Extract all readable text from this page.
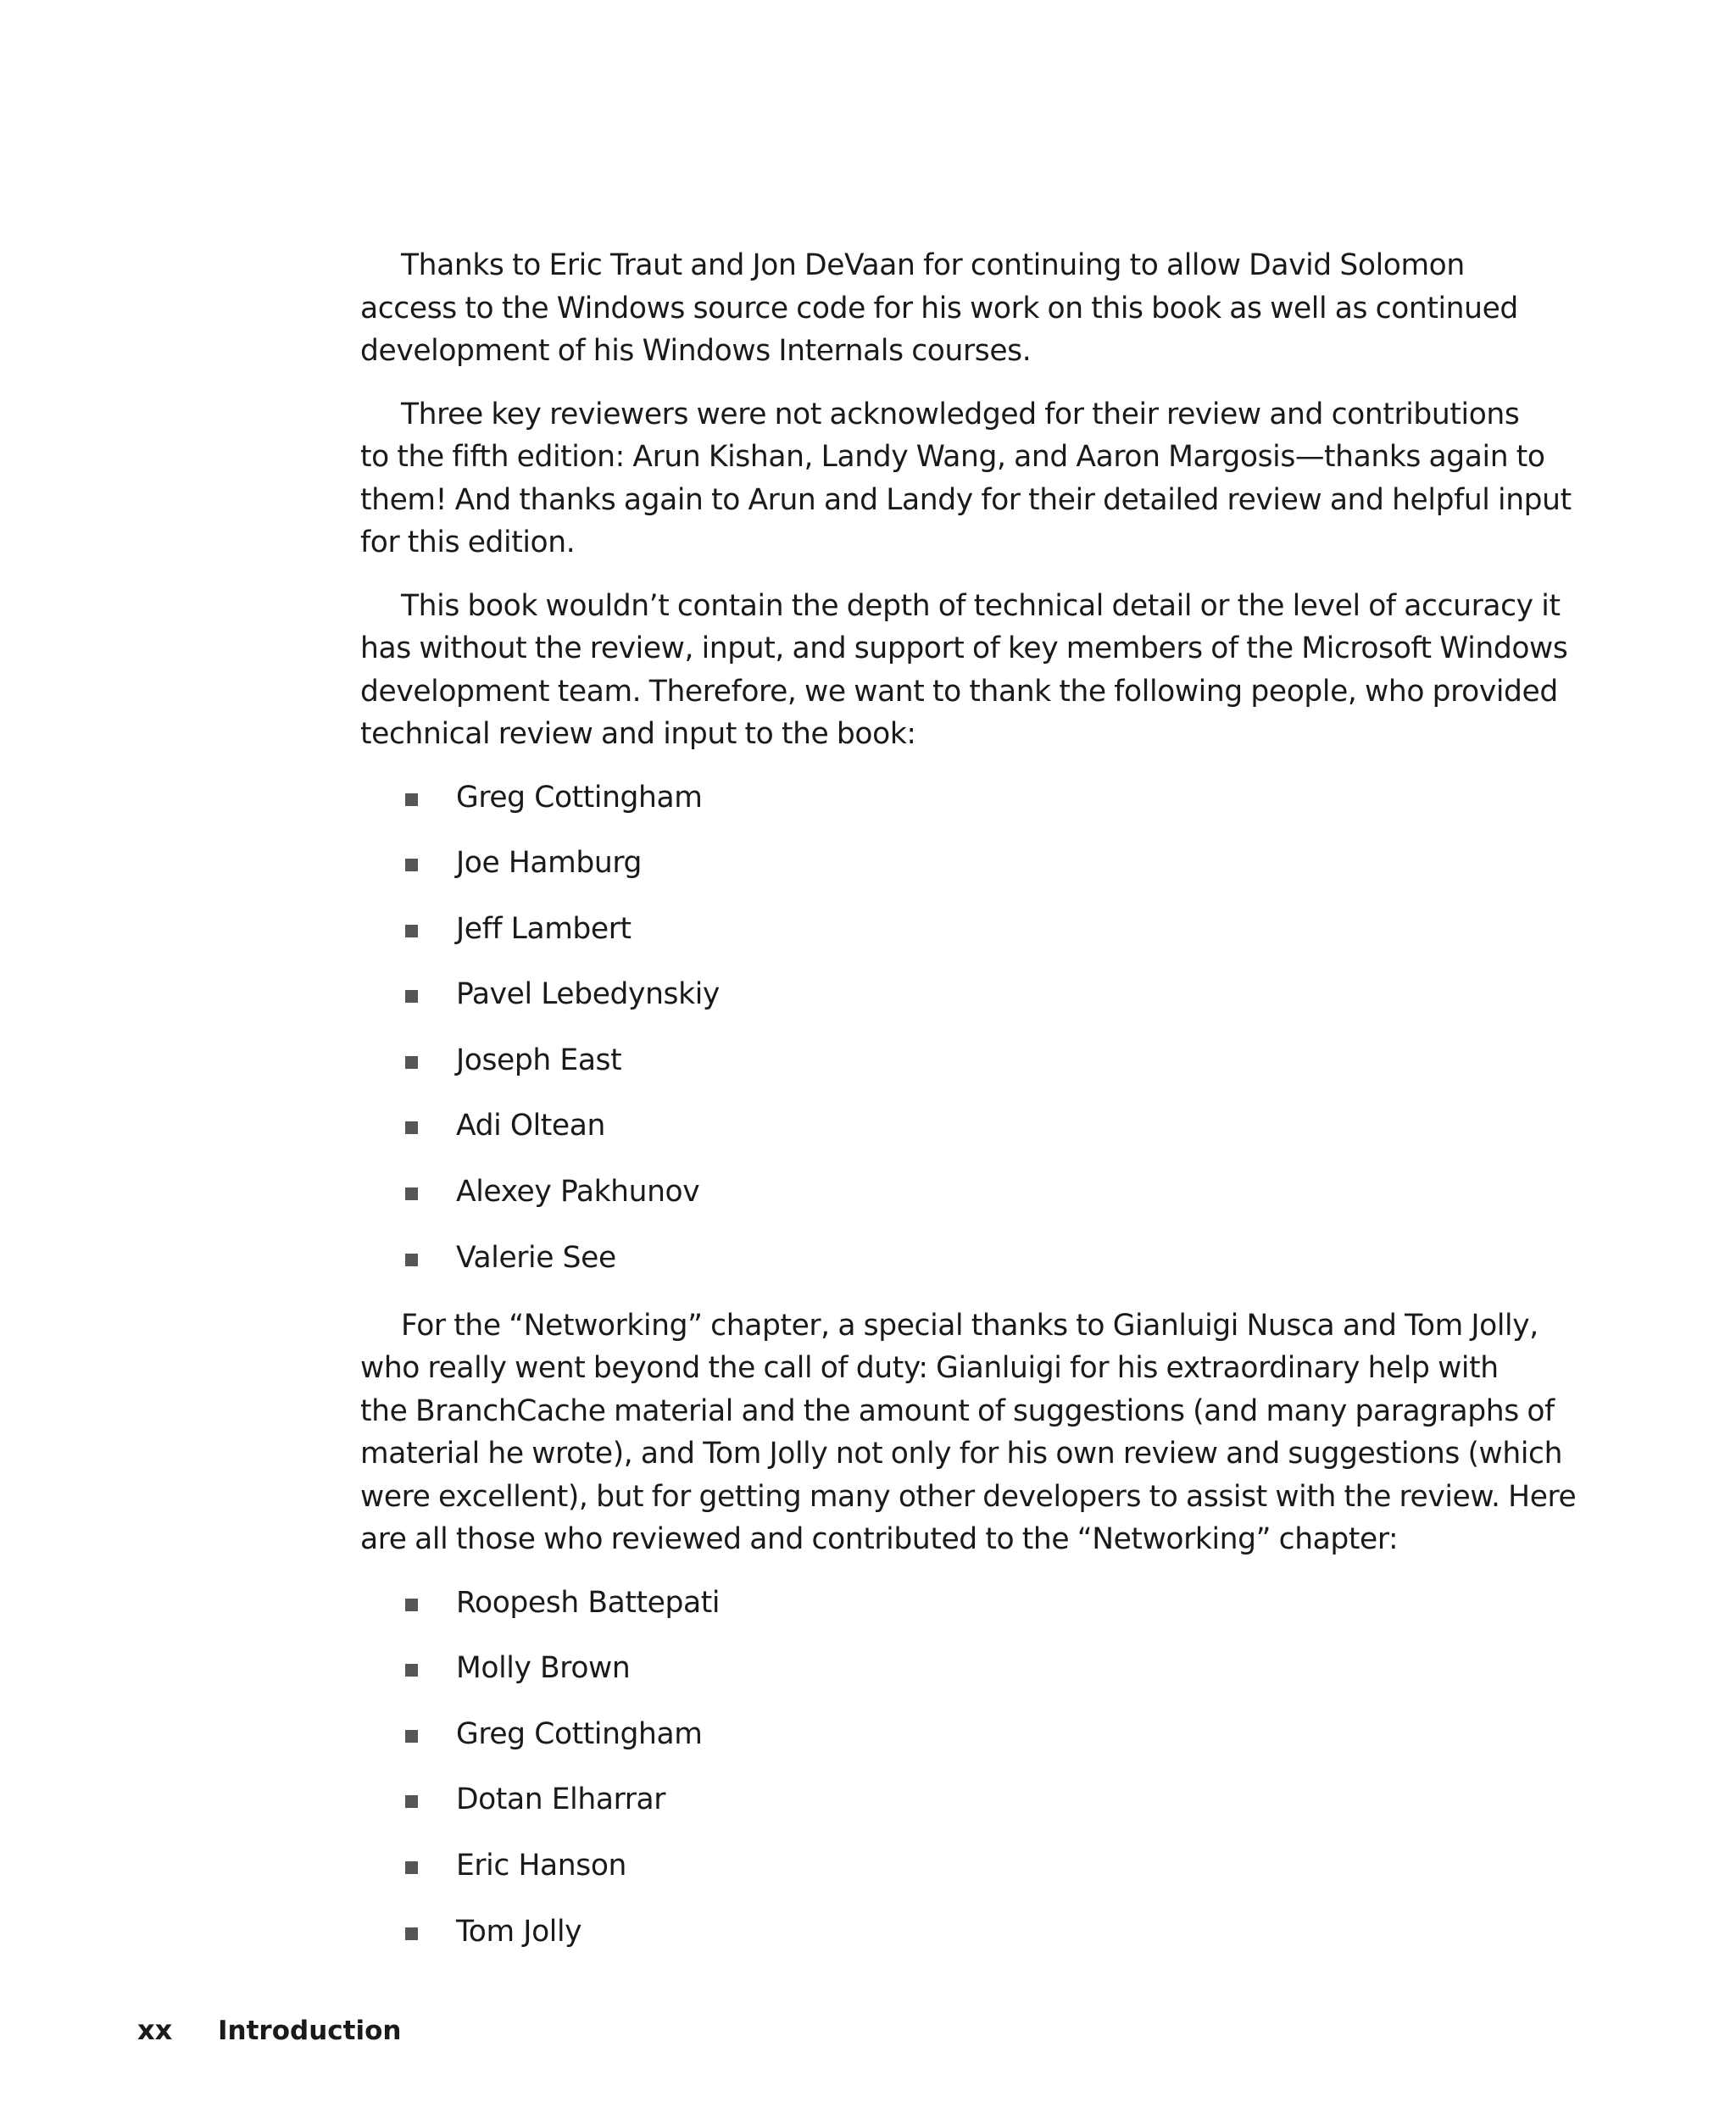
Thanks to Eric Traut and Jon DeVaan for continuing to allow David Solomon
access to the Windows source code for his work on this book as well as continued
development of his Windows Internals courses.

Three key reviewers were not acknowledged for their review and contributions
to the fifth edition: Arun Kishan, Landy Wang, and Aaron Margosis—thanks again to
them! And thanks again to Arun and Landy for their detailed review and helpful input
for this edition.

This book wouldn’t contain the depth of technical detail or the level of accuracy it
has without the review, input, and support of key members of the Microsoft Windows
development team. Therefore, we want to thank the following people, who provided
technical review and input to the book:

Greg Cottingham
Joe Hamburg
Jeff Lambert
Pavel Lebedynskiy
Joseph East
Adi Oltean
Alexey Pakhunov
Valerie See

For the “Networking” chapter, a special thanks to Gianluigi Nusca and Tom Jolly,
who really went beyond the call of duty: Gianluigi for his extraordinary help with
the BranchCache material and the amount of suggestions (and many paragraphs of
material he wrote), and Tom Jolly not only for his own review and suggestions (which
were excellent), but for getting many other developers to assist with the review. Here
are all those who reviewed and contributed to the “Networking” chapter:

Roopesh Battepati
Molly Brown
Greg Cottingham
Dotan Elharrar
Eric Hanson
Tom Jolly
xx Introduction
